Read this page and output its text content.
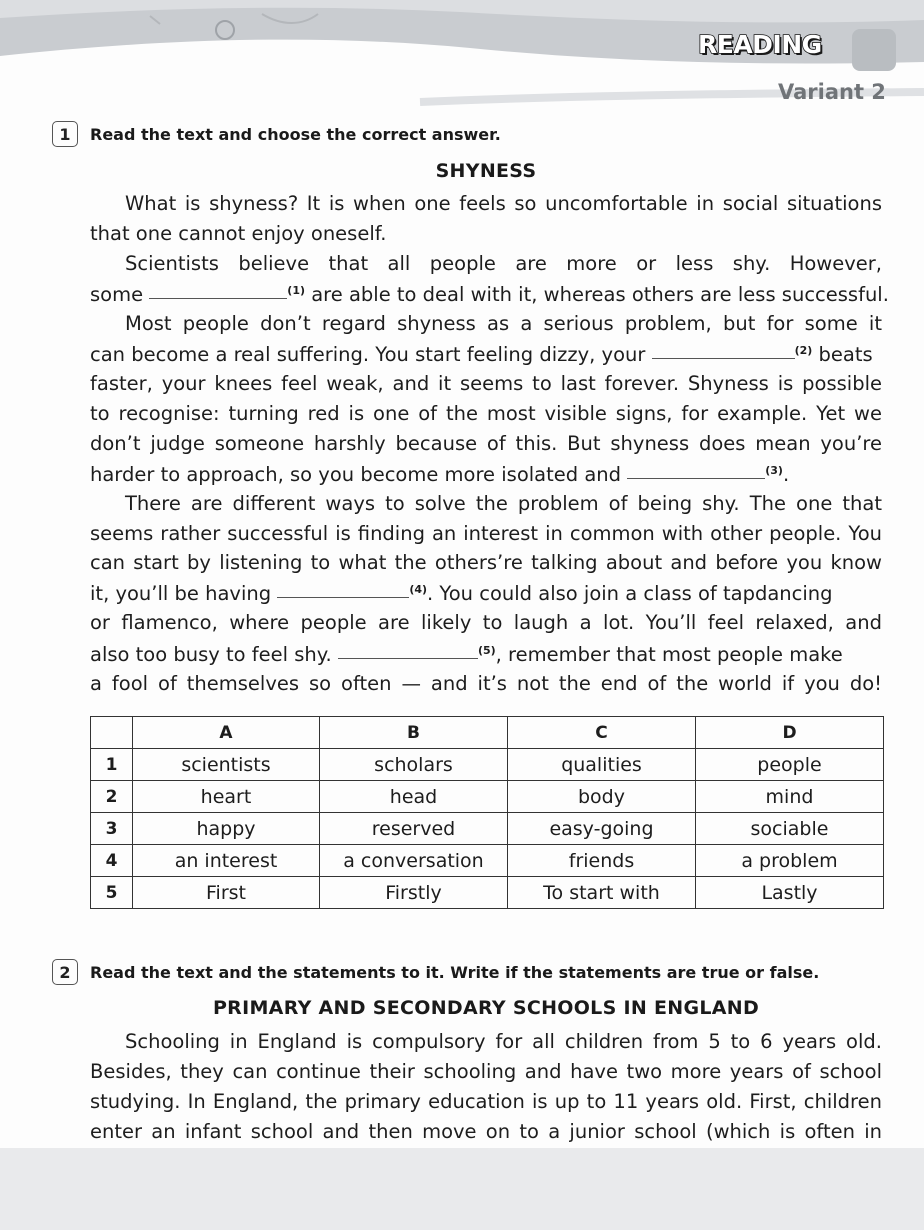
READING
Variant 2
1	Read the text and choose the correct answer.
SHYNESS
What is shyness? It is when one feels so uncomfortable in social situations
that one cannot enjoy oneself.
Scientists believe that all people are more or less shy. However,
some	$^{(1)}$ are able to deal with it, whereas others are less successful.
Most people don’t regard shyness as a serious problem, but for some it
can become a real suffering. You start feeling dizzy, your	$^{(2)}$ beats
faster, your knees feel weak, and it seems to last forever. Shyness is possible
to recognise: turning red is one of the most visible signs, for example. Yet we
don’t judge someone harshly because of this. But shyness does mean you’re
harder to approach, so you become more isolated and	$^{(3)}$.
There are different ways to solve the problem of being shy. The one that
seems rather successful is finding an interest in common with other people. You
can start by listening to what the others’re talking about and before you know
it, you’ll be having	$^{(4)}$. You could also join a class of tapdancing
or flamenco, where people are likely to laugh a lot. You’ll feel relaxed, and
also too busy to feel shy.	$^{(5)}$, remember that most people make
a fool of themselves so often — and it’s not the end of the world if you do!
	A	B	C	D
1	scientists	scholars	qualities	people
2	heart	head	body	mind
3	happy	reserved	easy-going	sociable
4	an interest	a conversation	friends	a problem
5	First	Firstly	To start with	Lastly
2	Read the text and the statements to it. Write if the statements are true or false.
PRIMARY AND SECONDARY SCHOOLS IN ENGLAND
Schooling in England is compulsory for all children from 5 to 6 years old.
Besides, they can continue their schooling and have two more years of school
studying. In England, the primary education is up to 11 years old. First, children
enter an infant school and then move on to a junior school (which is often in
